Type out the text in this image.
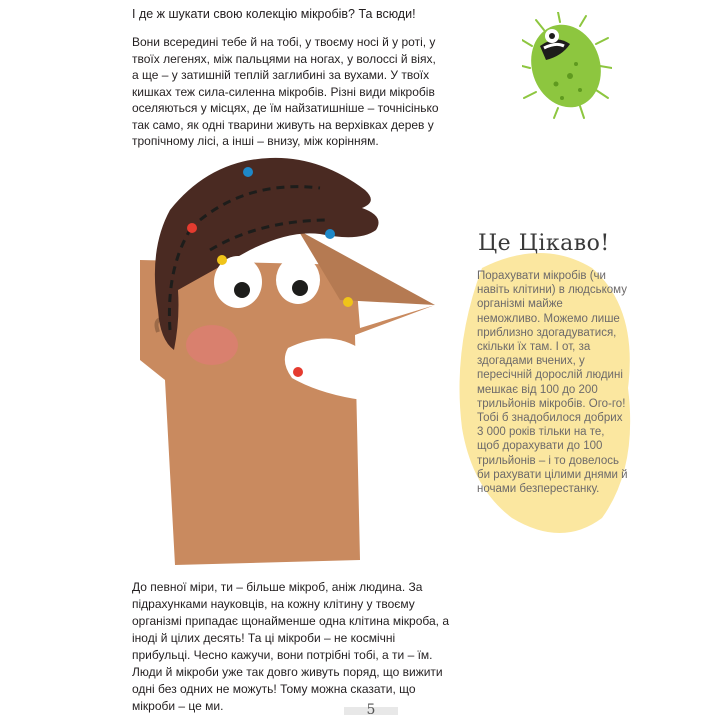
І де ж шукати свою колекцію мікробів? Та всюди!

Вони всередині тебе й на тобі, у твоєму носі й у роті, у твоїх легенях, між пальцями на ногах, у волоссі й віях, а ще – у затишній теплій заглибині за вухами. У твоїх кишках теж сила-силенна мікробів. Різні види мікробів оселяються у місцях, де їм найзатишніше – точнісінько так само, як одні тварини живуть на верхівках дерев у тропічному лісі, а інші – внизу, між корінням.

Це Цікаво!

Порахувати мікробів (чи навіть клітини) в людському організмі майже неможливо. Можемо лише приблизно здогадуватися, скільки їх там. І от, за здогадами вчених, у пересічній дорослій людині мешкає від 100 до 200 трильйонів мікробів. Ого-го! Тобі б знадобилося добрих 3 000 років тільки на те, щоб дорахувати до 100 трильйонів – і то довелось би рахувати цілими днями й ночами безперестанку.

До певної міри, ти – більше мікроб, аніж людина. За підрахунками науковців, на кожну клітину у твоєму організмі припадає щонайменше одна клітина мікроба, а іноді й цілих десять! Та ці мікроби – не космічні прибульці. Чесно кажучи, вони потрібні тобі, а ти – їм. Люди й мікроби уже так довго живуть поряд, що вижити одні без одних не можуть! Тому можна сказати, що мікроби – це ми.	5
